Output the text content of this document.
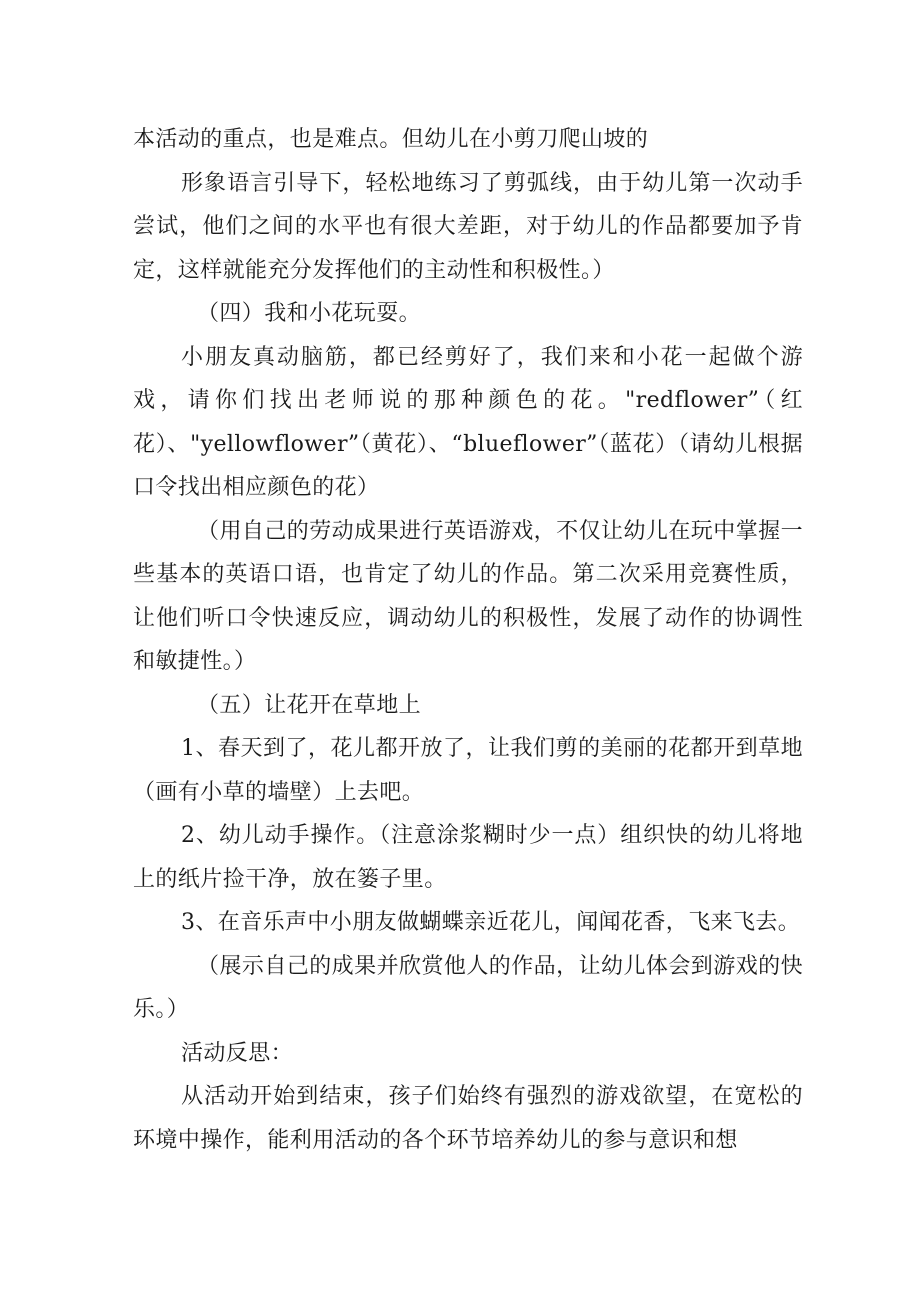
本活动的重点，也是难点。但幼儿在小剪刀爬山坡的

形象语言引导下，轻松地练习了剪弧线，由于幼儿第一次动手尝试，他们之间的水平也有很大差距，对于幼儿的作品都要加予肯定，这样就能充分发挥他们的主动性和积极性。）

（四）我和小花玩耍。

小朋友真动脑筋，都已经剪好了，我们来和小花一起做个游戏，请你们找出老师说的那种颜色的花。"redflower”（红花）、"yellowflower”（黄花）、“blueflower”（蓝花）（请幼儿根据口令找出相应颜色的花）

（用自己的劳动成果进行英语游戏，不仅让幼儿在玩中掌握一些基本的英语口语，也肯定了幼儿的作品。第二次采用竞赛性质，让他们听口令快速反应，调动幼儿的积极性，发展了动作的协调性和敏捷性。）

（五）让花开在草地上

1、春天到了，花儿都开放了，让我们剪的美丽的花都开到草地（画有小草的墙壁）上去吧。

2、幼儿动手操作。（注意涂浆糊时少一点）组织快的幼儿将地上的纸片捡干净，放在篓子里。

3、在音乐声中小朋友做蝴蝶亲近花儿，闻闻花香，飞来飞去。

（展示自己的成果并欣赏他人的作品，让幼儿体会到游戏的快乐。）

活动反思：

从活动开始到结束，孩子们始终有强烈的游戏欲望，在宽松的环境中操作，能利用活动的各个环节培养幼儿的参与意识和想
